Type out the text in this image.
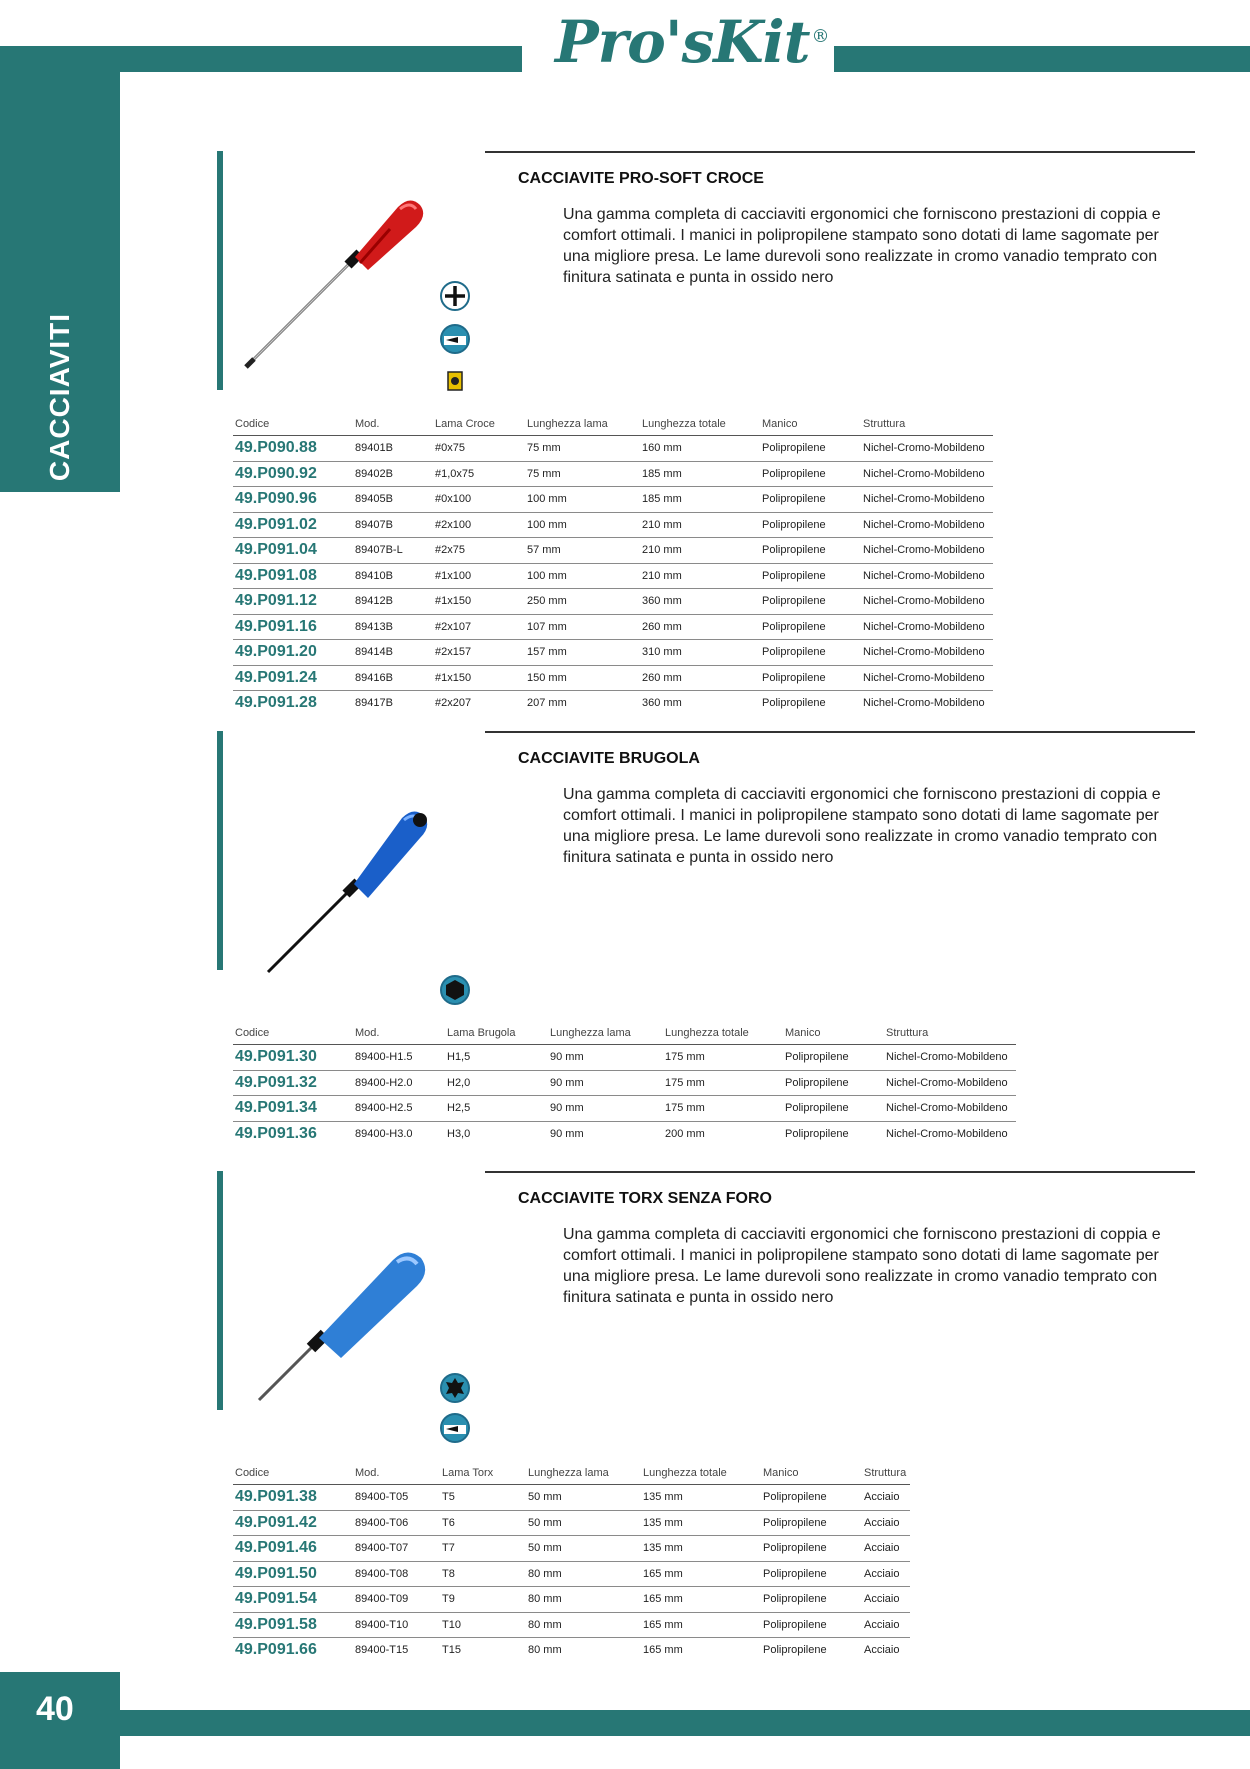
Pro'sKit ®
CACCIAVITI
CACCIAVITE PRO-SOFT CROCE
Una gamma completa di cacciaviti ergonomici che forniscono prestazioni di coppia e comfort ottimali. I manici in polipropilene stampato sono dotati di lame sagomate per una migliore presa. Le lame durevoli sono realizzate in cromo vanadio temprato con finitura satinata e punta in ossido nero
Codice	Mod.	Lama Croce	Lunghezza lama	Lunghezza totale	Manico	Struttura
49.P090.88	89401B	#0x75	75 mm	160 mm	Polipropilene	Nichel-Cromo-Mobildeno
49.P090.92	89402B	#1,0x75	75 mm	185 mm	Polipropilene	Nichel-Cromo-Mobildeno
49.P090.96	89405B	#0x100	100 mm	185 mm	Polipropilene	Nichel-Cromo-Mobildeno
49.P091.02	89407B	#2x100	100 mm	210 mm	Polipropilene	Nichel-Cromo-Mobildeno
49.P091.04	89407B-L	#2x75	57 mm	210 mm	Polipropilene	Nichel-Cromo-Mobildeno
49.P091.08	89410B	#1x100	100 mm	210 mm	Polipropilene	Nichel-Cromo-Mobildeno
49.P091.12	89412B	#1x150	250 mm	360 mm	Polipropilene	Nichel-Cromo-Mobildeno
49.P091.16	89413B	#2x107	107 mm	260 mm	Polipropilene	Nichel-Cromo-Mobildeno
49.P091.20	89414B	#2x157	157 mm	310 mm	Polipropilene	Nichel-Cromo-Mobildeno
49.P091.24	89416B	#1x150	150 mm	260 mm	Polipropilene	Nichel-Cromo-Mobildeno
49.P091.28	89417B	#2x207	207 mm	360 mm	Polipropilene	Nichel-Cromo-Mobildeno
CACCIAVITE BRUGOLA
Una gamma completa di cacciaviti ergonomici che forniscono prestazioni di coppia e comfort ottimali. I manici in polipropilene stampato sono dotati di lame sagomate per una migliore presa. Le lame durevoli sono realizzate in cromo vanadio temprato con finitura satinata e punta in ossido nero
Codice	Mod.	Lama Brugola	Lunghezza lama	Lunghezza totale	Manico	Struttura
49.P091.30	89400-H1.5	H1,5	90 mm	175 mm	Polipropilene	Nichel-Cromo-Mobildeno
49.P091.32	89400-H2.0	H2,0	90 mm	175 mm	Polipropilene	Nichel-Cromo-Mobildeno
49.P091.34	89400-H2.5	H2,5	90 mm	175 mm	Polipropilene	Nichel-Cromo-Mobildeno
49.P091.36	89400-H3.0	H3,0	90 mm	200 mm	Polipropilene	Nichel-Cromo-Mobildeno
CACCIAVITE TORX SENZA FORO
Una gamma completa di cacciaviti ergonomici che forniscono prestazioni di coppia e comfort ottimali. I manici in polipropilene stampato sono dotati di lame sagomate per una migliore presa. Le lame durevoli sono realizzate in cromo vanadio temprato con finitura satinata e punta in ossido nero
Codice	Mod.	Lama Torx	Lunghezza lama	Lunghezza totale	Manico	Struttura
49.P091.38	89400-T05	T5	50 mm	135 mm	Polipropilene	Acciaio
49.P091.42	89400-T06	T6	50 mm	135 mm	Polipropilene	Acciaio
49.P091.46	89400-T07	T7	50 mm	135 mm	Polipropilene	Acciaio
49.P091.50	89400-T08	T8	80 mm	165 mm	Polipropilene	Acciaio
49.P091.54	89400-T09	T9	80 mm	165 mm	Polipropilene	Acciaio
49.P091.58	89400-T10	T10	80 mm	165 mm	Polipropilene	Acciaio
49.P091.66	89400-T15	T15	80 mm	165 mm	Polipropilene	Acciaio
40
